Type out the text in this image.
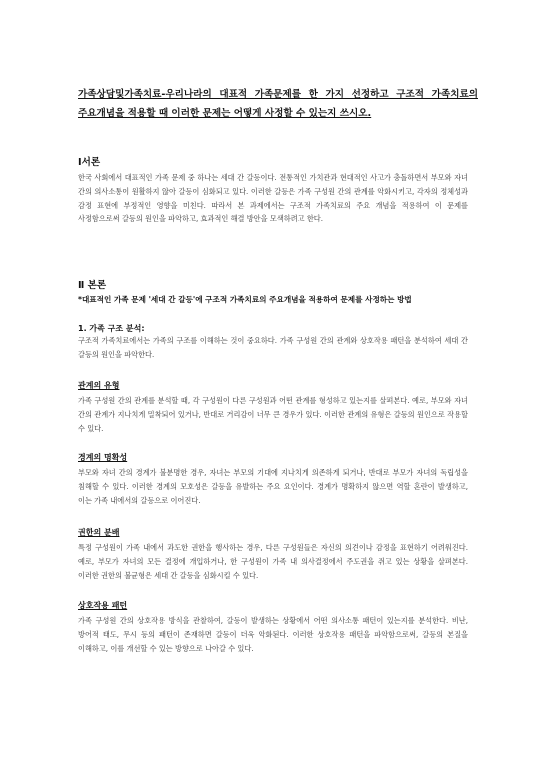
가족상담및가족치료-우리나라의 대표적 가족문제를 한 가지 선정하고 구조적 가족치료의 주요개념을 적용할 때 이러한 문제는 어떻게 사정할 수 있는지 쓰시오.
Ⅰ서론
한국 사회에서 대표적인 가족 문제 중 하나는 세대 간 갈등이다. 전통적인 가치관과 현대적인 사고가 충돌하면서 부모와 자녀 간의 의사소통이 원활하지 않아 갈등이 심화되고 있다. 이러한 갈등은 가족 구성원 간의 관계를 악화시키고, 각자의 정체성과 감정 표현에 부정적인 영향을 미친다. 따라서 본 과제에서는 구조적 가족치료의 주요 개념을 적용하여 이 문제를 사정함으로써 갈등의 원인을 파악하고, 효과적인 해결 방안을 모색하려고 한다.
Ⅱ 본론
*대표적인 가족 문제 '세대 간 갈등'에 구조적 가족치료의 주요개념을 적용하여 문제를 사정하는 방법
1. 가족 구조 분석:
구조적 가족치료에서는 가족의 구조를 이해하는 것이 중요하다. 가족 구성원 간의 관계와 상호작용 패턴을 분석하여 세대 간 갈등의 원인을 파악한다.
관계의 유형
가족 구성원 간의 관계를 분석할 때, 각 구성원이 다른 구성원과 어떤 관계를 형성하고 있는지를 살펴본다. 예로, 부모와 자녀 간의 관계가 지나치게 밀착되어 있거나, 반대로 거리감이 너무 큰 경우가 있다. 이러한 관계의 유형은 갈등의 원인으로 작용할 수 있다.
경계의 명확성
부모와 자녀 간의 경계가 불분명한 경우, 자녀는 부모의 기대에 지나치게 의존하게 되거나, 반대로 부모가 자녀의 독립성을 침해할 수 있다. 이러한 경계의 모호성은 갈등을 유발하는 주요 요인이다. 경계가 명확하지 않으면 역할 혼란이 발생하고, 이는 가족 내에서의 갈등으로 이어진다.
권한의 분배
특정 구성원이 가족 내에서 과도한 권한을 행사하는 경우, 다른 구성원들은 자신의 의견이나 감정을 표현하기 어려워진다. 예로, 부모가 자녀의 모든 결정에 개입하거나, 한 구성원이 가족 내 의사결정에서 주도권을 쥐고 있는 상황을 살펴본다. 이러한 권한의 불균형은 세대 간 갈등을 심화시킬 수 있다.
상호작용 패턴
가족 구성원 간의 상호작용 방식을 관찰하여, 갈등이 발생하는 상황에서 어떤 의사소통 패턴이 있는지를 분석한다. 비난, 방어적 태도, 무시 등의 패턴이 존재하면 갈등이 더욱 악화된다. 이러한 상호작용 패턴을 파악함으로써, 갈등의 본질을 이해하고, 이를 개선할 수 있는 방향으로 나아갈 수 있다.
